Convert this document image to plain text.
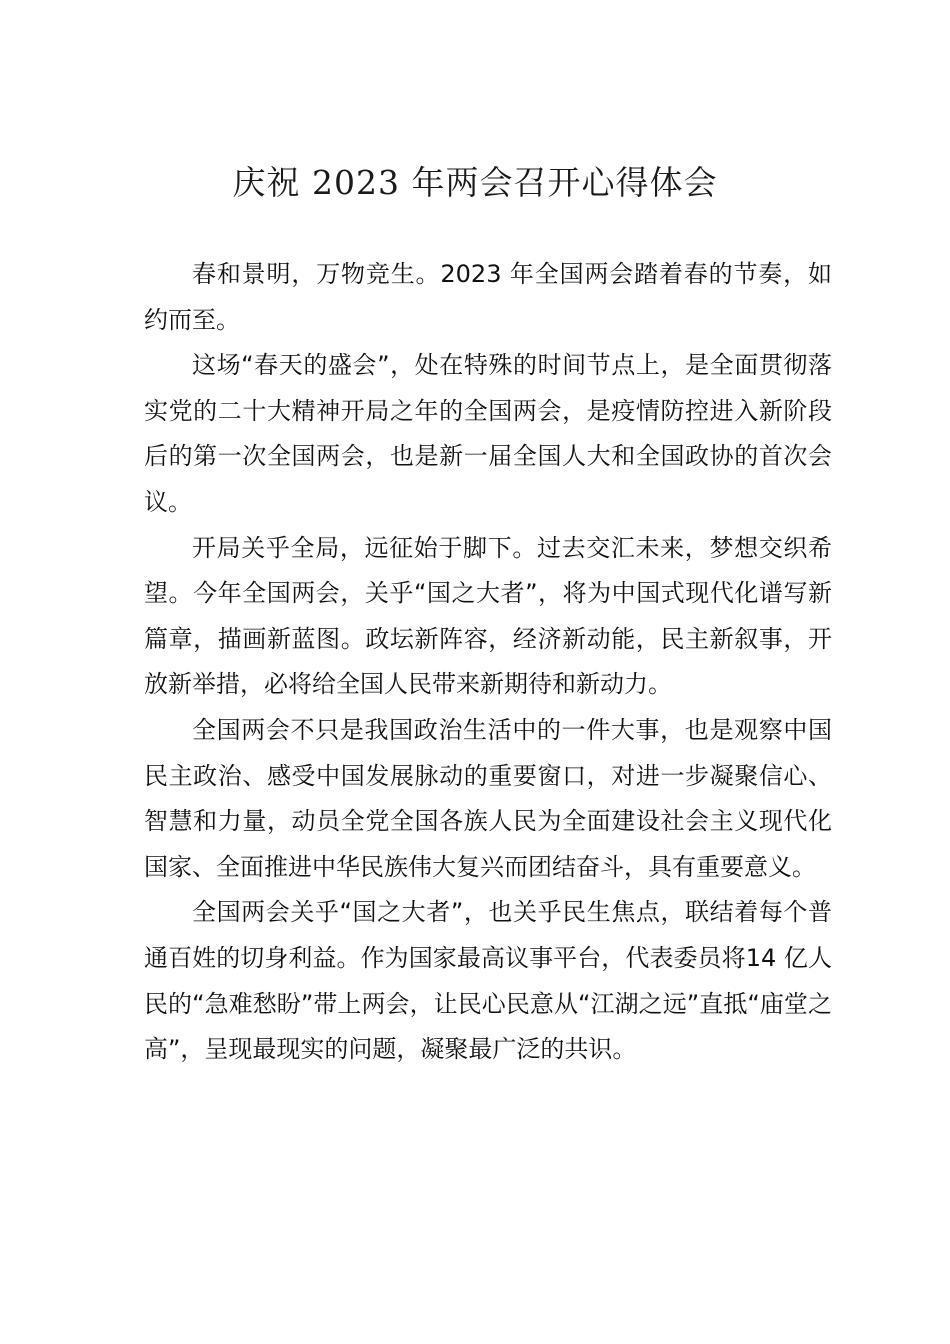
庆祝 2023 年两会召开心得体会

春和景明，万物竞生。2023 年全国两会踏着春的节奏，如约而至。

这场“春天的盛会”，处在特殊的时间节点上，是全面贯彻落实党的二十大精神开局之年的全国两会，是疫情防控进入新阶段后的第一次全国两会，也是新一届全国人大和全国政协的首次会议。

开局关乎全局，远征始于脚下。过去交汇未来，梦想交织希望。今年全国两会，关乎“国之大者”，将为中国式现代化谱写新篇章，描画新蓝图。政坛新阵容，经济新动能，民主新叙事，开放新举措，必将给全国人民带来新期待和新动力。

全国两会不只是我国政治生活中的一件大事，也是观察中国民主政治、感受中国发展脉动的重要窗口，对进一步凝聚信心、智慧和力量，动员全党全国各族人民为全面建设社会主义现代化国家、全面推进中华民族伟大复兴而团结奋斗，具有重要意义。

全国两会关乎“国之大者”，也关乎民生焦点，联结着每个普通百姓的切身利益。作为国家最高议事平台，代表委员将14 亿人民的“急难愁盼”带上两会，让民心民意从“江湖之远”直抵“庙堂之高”，呈现最现实的问题，凝聚最广泛的共识。
